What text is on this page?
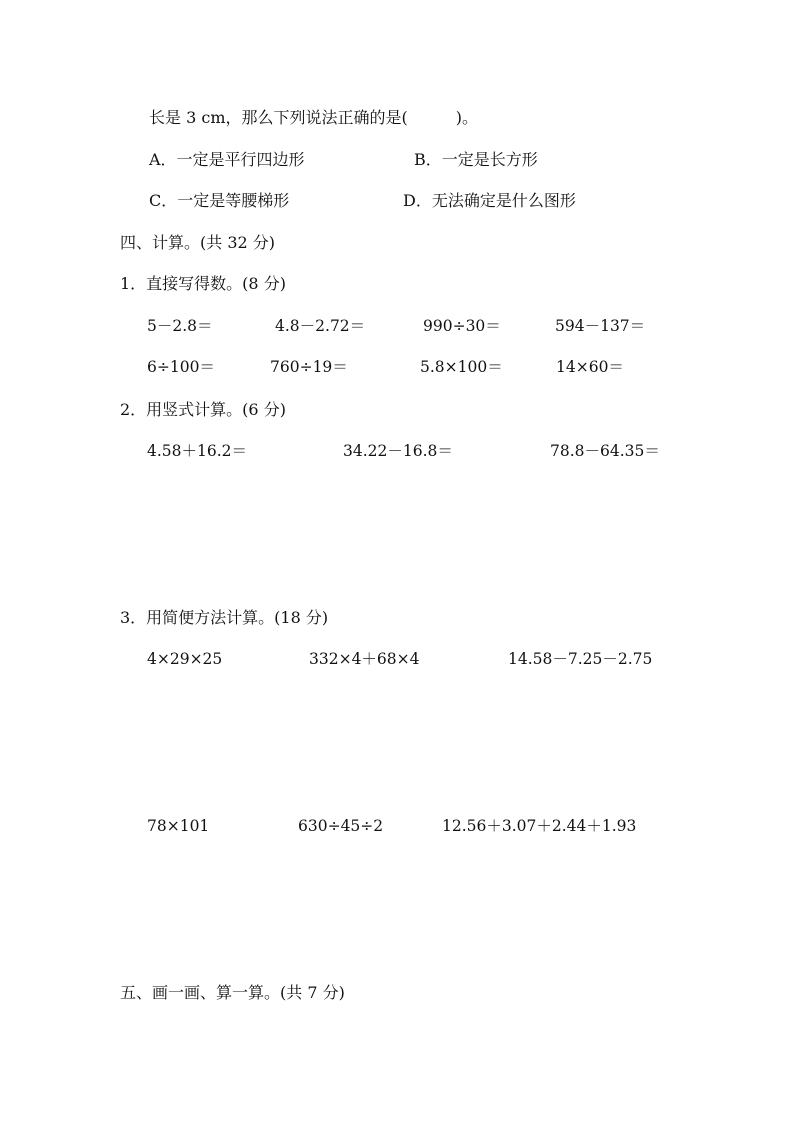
长是 3 cm，那么下列说法正确的是(　　　)。
A．一定是平行四边形	B．一定是长方形
C．一定是等腰梯形	D．无法确定是什么图形
四、计算。(共 32 分)
1．直接写得数。(8 分)
5－2.8＝	4.8－2.72＝	990÷30＝	594－137＝
6÷100＝	760÷19＝	5.8×100＝	14×60＝
2．用竖式计算。(6 分)
4.58＋16.2＝	34.22－16.8＝	78.8－64.35＝
3．用简便方法计算。(18 分)
4×29×25	332×4＋68×4	14.58－7.25－2.75
78×101	630÷45÷2	12.56＋3.07＋2.44＋1.93
五、画一画、算一算。(共 7 分)
